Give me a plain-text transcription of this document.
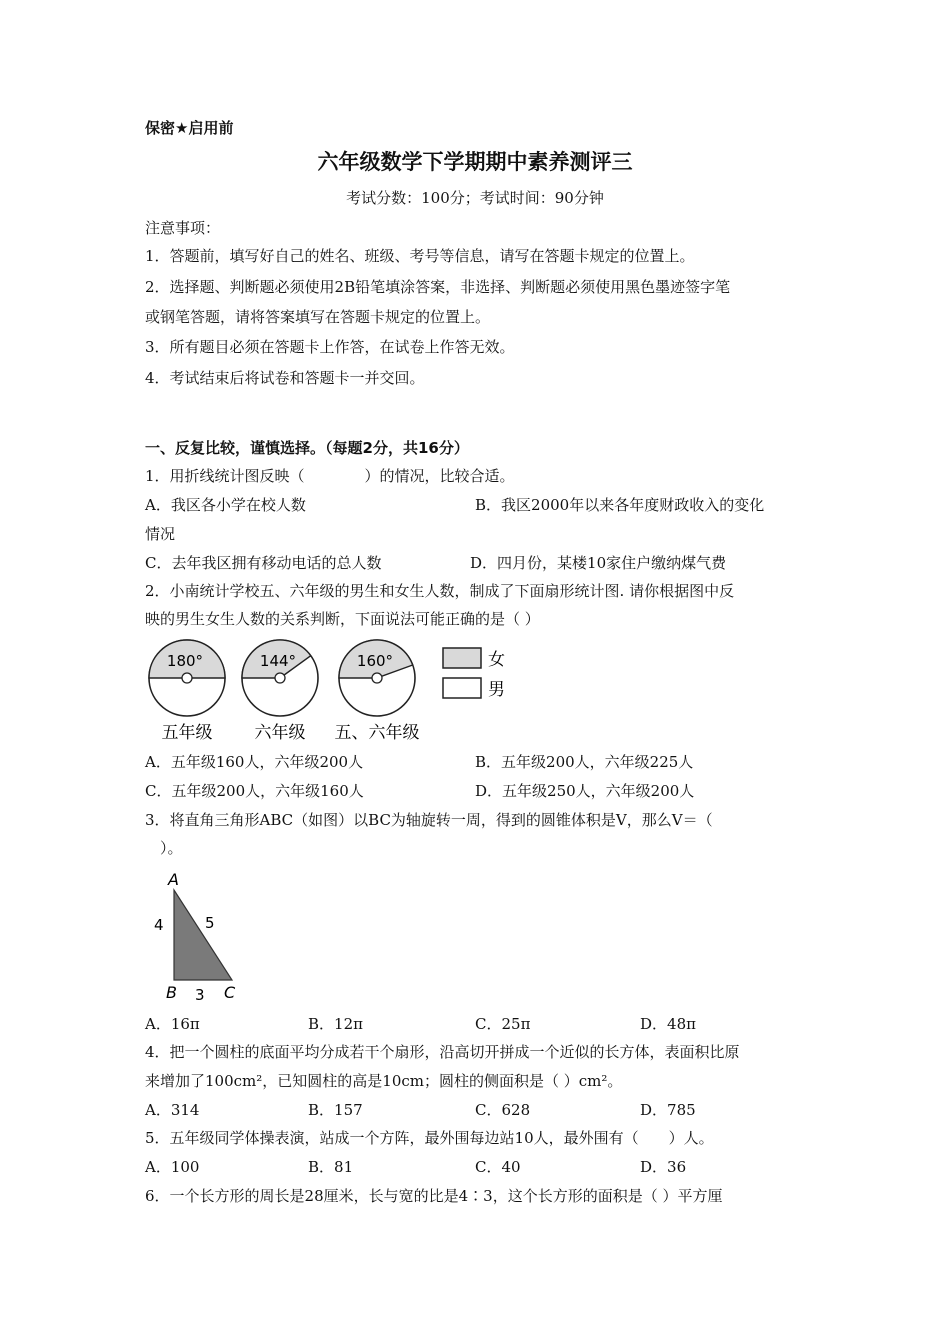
保密★启用前
六年级数学下学期期中素养测评三
考试分数：100分；考试时间：90分钟
注意事项：
1．答题前，填写好自己的姓名、班级、考号等信息，请写在答题卡规定的位置上。
2．选择题、判断题必须使用2B铅笔填涂答案，非选择、判断题必须使用黑色墨迹签字笔
或钢笔答题，请将答案填写在答题卡规定的位置上。
3．所有题目必须在答题卡上作答，在试卷上作答无效。
4．考试结束后将试卷和答题卡一并交回。
一、反复比较，谨慎选择。（每题2分，共16分）
1．用折线统计图反映（　　　　）的情况，比较合适。
A．我区各小学在校人数	B．我区2000年以来各年度财政收入的变化
情况
C．去年我区拥有移动电话的总人数	D．四月份，某楼10家住户缴纳煤气费
2．小南统计学校五、六年级的男生和女生人数，制成了下面扇形统计图. 请你根据图中反
映的男生女生人数的关系判断，下面说法可能正确的是（ ）
180°
五年级
144°
六年级
160°
五、六年级
女
男
A．五年级160人，六年级200人	B．五年级200人，六年级225人
C．五年级200人，六年级160人	D．五年级250人，六年级200人
3．将直角三角形ABC（如图）以BC为轴旋转一周，得到的圆锥体积是V，那么V＝（
）。
A
4	5
B 3 C
A．16π	B．12π	C．25π	D．48π
4．把一个圆柱的底面平均分成若干个扇形，沿高切开拼成一个近似的长方体，表面积比原
来增加了100cm²，已知圆柱的高是10cm；圆柱的侧面积是（ ）cm²。
A．314	B．157	C．628	D．785
5．五年级同学体操表演，站成一个方阵，最外围每边站10人，最外围有（　　）人。
A．100	B．81	C．40	D．36
6．一个长方形的周长是28厘米，长与宽的比是4∶3，这个长方形的面积是（ ）平方厘
